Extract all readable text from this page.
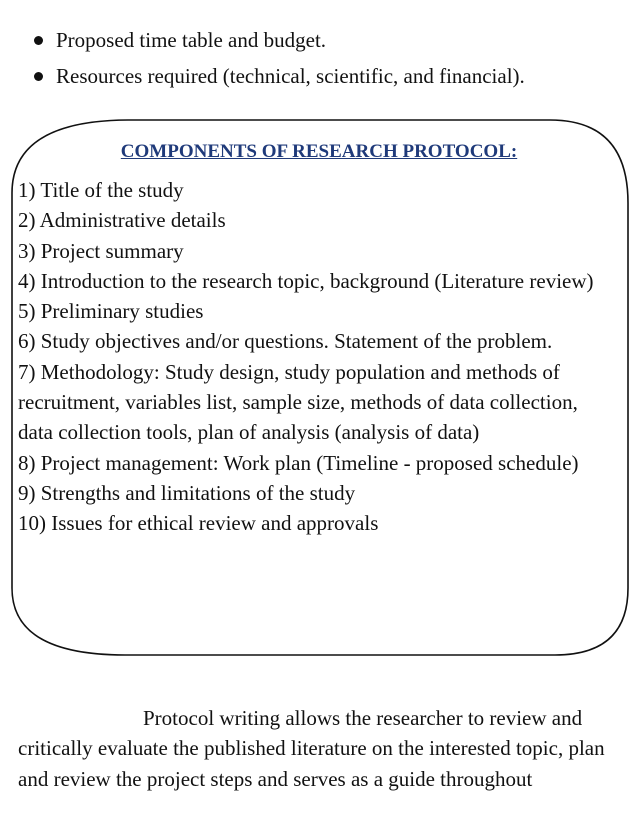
Proposed time table and budget.
Resources required (technical, scientific, and financial).
COMPONENTS OF RESEARCH PROTOCOL:

1) Title of the study

2) Administrative details

3) Project summary

4) Introduction to the research topic, background (Literature review)

5) Preliminary studies

6) Study objectives and/or questions. Statement of the problem.

7) Methodology: Study design, study population and methods of recruitment, variables list, sample size, methods of data collection, data collection tools, plan of analysis (analysis of data)

8) Project management: Work plan (Timeline - proposed schedule)

9) Strengths and limitations of the study

10) Issues for ethical review and approvals

Protocol writing allows the researcher to review and critically evaluate the published literature on the interested topic, plan and review the project steps and serves as a guide throughout
